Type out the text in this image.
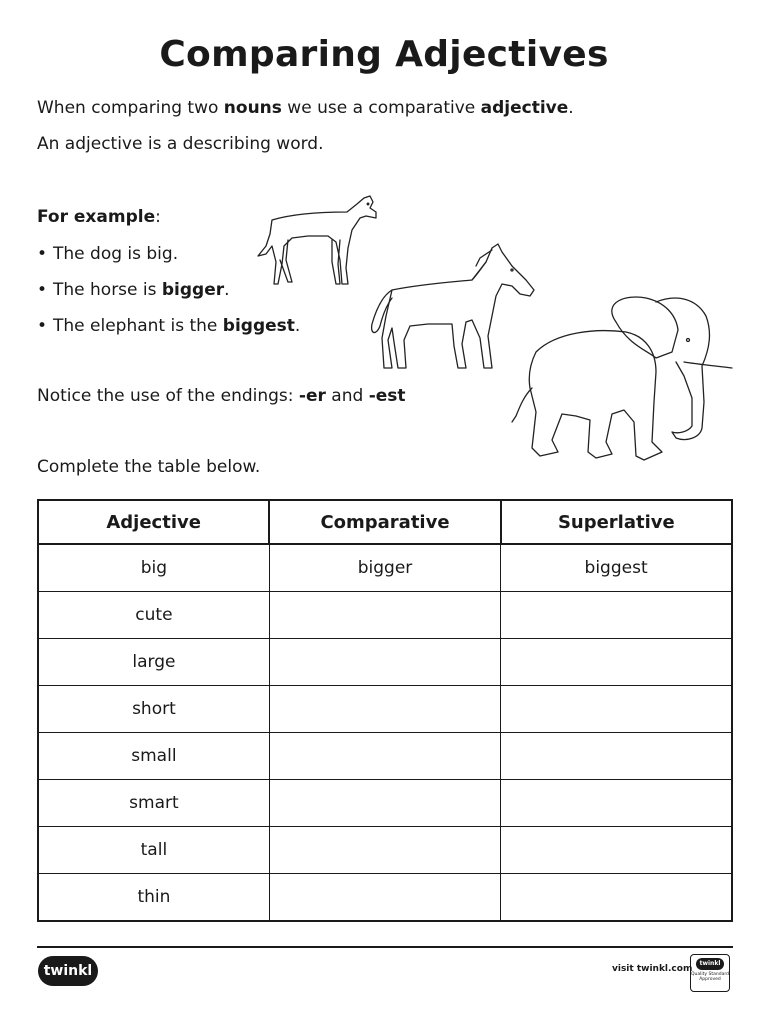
Comparing Adjectives
When comparing two nouns we use a comparative adjective.
An adjective is a describing word.
For example:
• The dog is big.
• The horse is bigger.
• The elephant is the biggest.
Notice the use of the endings: -er and -est
Complete the table below.
Adjective	Comparative	Superlative
big	bigger	biggest
cute		
large		
short		
small		
smart		
tall		
thin		
twinkl	visit twinkl.com
twinkl
Quality Standard
Approved
